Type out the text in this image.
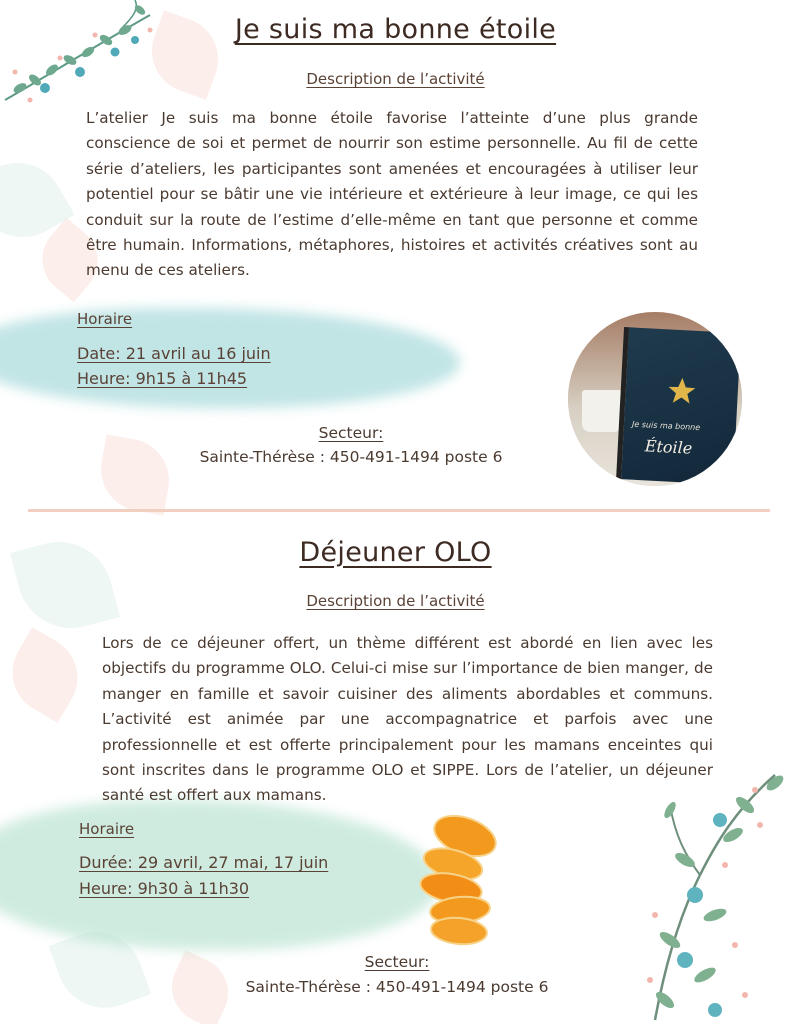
Je suis ma bonne étoile
Description de l’activité
L’atelier Je suis ma bonne étoile favorise l’atteinte d’une plus grande conscience de soi et permet de nourrir son estime personnelle. Au fil de cette série d’ateliers, les participantes sont amenées et encouragées à utiliser leur potentiel pour se bâtir une vie intérieure et extérieure à leur image, ce qui les conduit sur la route de l’estime d’elle-même en tant que personne et comme être humain. Informations, métaphores, histoires et activités créatives sont au menu de ces ateliers.
Horaire
Date: 21 avril au 16 juin
Heure: 9h15 à 11h45
Secteur:
Sainte-Thérèse : 450-491-1494 poste 6
Je suis ma bonne
Étoile
Déjeuner OLO
Description de l’activité
Lors de ce déjeuner offert, un thème différent est abordé en lien avec les objectifs du programme OLO. Celui-ci mise sur l’importance de bien manger, de manger en famille et savoir cuisiner des aliments abordables et communs. L’activité est animée par une accompagnatrice et parfois avec une professionnelle et est offerte principalement pour les mamans enceintes qui sont inscrites dans le programme OLO et SIPPE. Lors de l’atelier, un déjeuner santé est offert aux mamans.
Horaire
Durée: 29 avril, 27 mai, 17 juin
Heure: 9h30 à 11h30
Secteur:
Sainte-Thérèse : 450-491-1494 poste 6
